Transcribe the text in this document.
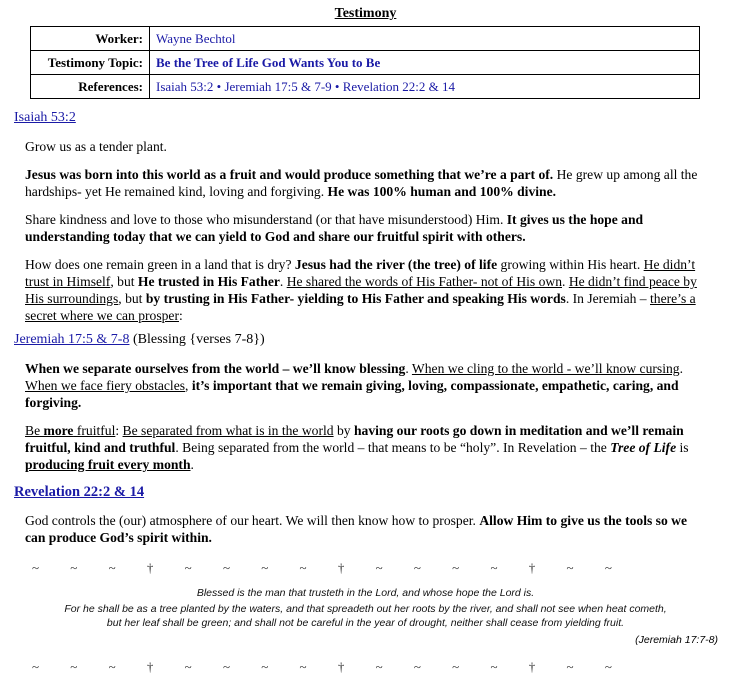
Testimony
Worker:	Wayne Bechtol
Testimony Topic:	Be the Tree of Life God Wants You to Be
References:	Isaiah 53:2 • Jeremiah 17:5 & 7-9 • Revelation 22:2 & 14
Isaiah 53:2
Grow us as a tender plant.
Jesus was born into this world as a fruit and would produce something that we’re a part of. He grew up among all the hardships- yet He remained kind, loving and forgiving. He was 100% human and 100% divine.
Share kindness and love to those who misunderstand (or that have misunderstood) Him. It gives us the hope and understanding today that we can yield to God and share our fruitful spirit with others.
How does one remain green in a land that is dry? Jesus had the river (the tree) of life growing within His heart. He didn’t trust in Himself, but He trusted in His Father. He shared the words of His Father- not of His own. He didn’t find peace by His surroundings, but by trusting in His Father- yielding to His Father and speaking His words. In Jeremiah – there’s a secret where we can prosper:
Jeremiah 17:5 & 7-8 (Blessing {verses 7-8})
When we separate ourselves from the world – we’ll know blessing. When we cling to the world - we’ll know cursing. When we face fiery obstacles, it’s important that we remain giving, loving, compassionate, empathetic, caring, and forgiving.
Be more fruitful: Be separated from what is in the world by having our roots go down in meditation and we’ll remain fruitful, kind and truthful. Being separated from the world – that means to be “holy”. In Revelation – the Tree of Life is producing fruit every month.
Revelation 22:2 & 14
God controls the (our) atmosphere of our heart. We will then know how to prosper. Allow Him to give us the tools so we can produce God’s spirit within.
~ ~ ~ † ~ ~ ~ ~ † ~ ~ ~ ~ † ~ ~
Blessed is the man that trusteth in the Lord, and whose hope the Lord is.
For he shall be as a tree planted by the waters, and that spreadeth out her roots by the river, and shall not see when heat cometh,
but her leaf shall be green; and shall not be careful in the year of drought, neither shall cease from yielding fruit.
(Jeremiah 17:7-8)
~ ~ ~ † ~ ~ ~ ~ † ~ ~ ~ ~ † ~ ~
